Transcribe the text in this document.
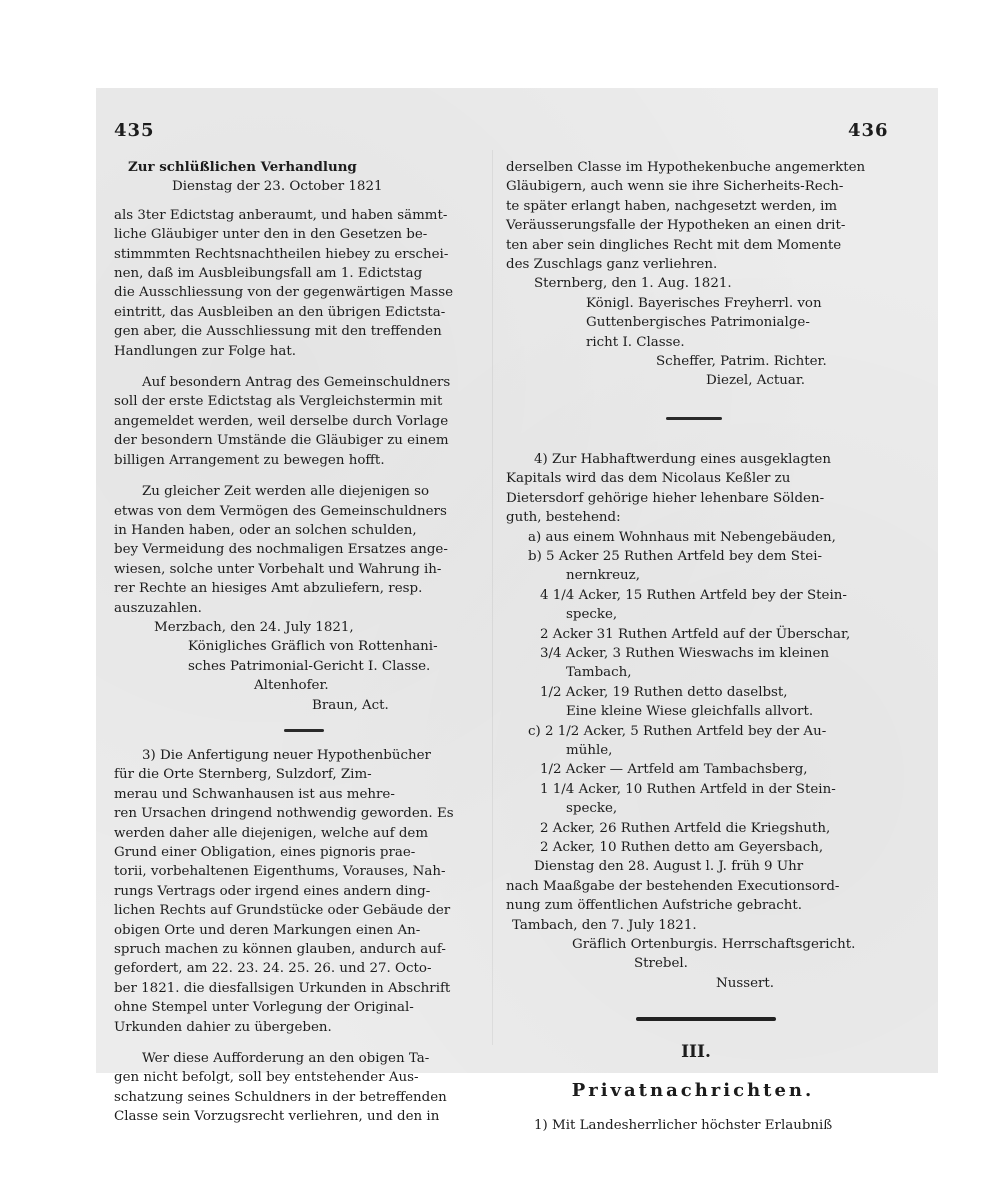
435	436

Zur schlüßlichen Verhandlung

Dienstag der 23. October 1821

als 3ter Edictstag anberaumt, und haben sämmt-

liche Gläubiger unter den in den Gesetzen be-

stimmmten Rechtsnachtheilen hiebey zu erschei-

nen, daß im Ausbleibungsfall am 1. Edictstag

die Ausschliessung von der gegenwärtigen Masse

eintritt, das Ausbleiben an den übrigen Edictsta-

gen aber, die Ausschliessung mit den treffenden

Handlungen zur Folge hat.

Auf besondern Antrag des Gemeinschuldners

soll der erste Edictstag als Vergleichstermin mit

angemeldet werden, weil derselbe durch Vorlage

der besondern Umstände die Gläubiger zu einem

billigen Arrangement zu bewegen hofft.

Zu gleicher Zeit werden alle diejenigen so

etwas von dem Vermögen des Gemeinschuldners

in Handen haben, oder an solchen schulden,

bey Vermeidung des nochmaligen Ersatzes ange-

wiesen, solche unter Vorbehalt und Wahrung ih-

rer Rechte an hiesiges Amt abzuliefern, resp.

auszuzahlen.

Merzbach, den 24. July 1821,

Königliches Gräflich von Rottenhani-

sches Patrimonial-Gericht I. Classe.

Altenhofer.

Braun, Act.

3) Die Anfertigung neuer Hypothenbücher

für die Orte Sternberg, Sulzdorf, Zim-

merau und Schwanhausen ist aus mehre-

ren Ursachen dringend nothwendig geworden. Es

werden daher alle diejenigen, welche auf dem

Grund einer Obligation, eines pignoris prae-

torii, vorbehaltenen Eigenthums, Vorauses, Nah-

rungs Vertrags oder irgend eines andern ding-

lichen Rechts auf Grundstücke oder Gebäude der

obigen Orte und deren Markungen einen An-

spruch machen zu können glauben, andurch auf-

gefordert, am 22. 23. 24. 25. 26. und 27. Octo-

ber 1821. die diesfallsigen Urkunden in Abschrift

ohne Stempel unter Vorlegung der Original-

Urkunden dahier zu übergeben.

Wer diese Aufforderung an den obigen Ta-

gen nicht befolgt, soll bey entstehender Aus-

schatzung seines Schuldners in der betreffenden

Classe sein Vorzugsrecht verliehren, und den in

derselben Classe im Hypothekenbuche angemerkten

Gläubigern, auch wenn sie ihre Sicherheits-Rech-

te später erlangt haben, nachgesetzt werden, im

Veräusserungsfalle der Hypotheken an einen drit-

ten aber sein dingliches Recht mit dem Momente

des Zuschlags ganz verliehren.

Sternberg, den 1. Aug. 1821.

Königl. Bayerisches Freyherrl. von

Guttenbergisches Patrimonialge-

richt I. Classe.

Scheffer, Patrim. Richter.

Diezel, Actuar.

4) Zur Habhaftwerdung eines ausgeklagten

Kapitals wird das dem Nicolaus Keßler zu

Dietersdorf gehörige hieher lehenbare Sölden-

guth, bestehend:

a) aus einem Wohnhaus mit Nebengebäuden,

b) 5 Acker 25 Ruthen Artfeld bey dem Stei-

nernkreuz,

4 1/4 Acker, 15 Ruthen Artfeld bey der Stein-

specke,

2 Acker 31 Ruthen Artfeld auf der Überschar,

3/4 Acker, 3 Ruthen Wieswachs im kleinen

Tambach,

1/2 Acker, 19 Ruthen detto daselbst,

Eine kleine Wiese gleichfalls allvort.

c) 2 1/2 Acker, 5 Ruthen Artfeld bey der Au-

mühle,

1/2 Acker — Artfeld am Tambachsberg,

1 1/4 Acker, 10 Ruthen Artfeld in der Stein-

specke,

2 Acker, 26 Ruthen Artfeld die Kriegshuth,

2 Acker, 10 Ruthen detto am Geyersbach,

Dienstag den 28. August l. J. früh 9 Uhr

nach Maaßgabe der bestehenden Executionsord-

nung zum öffentlichen Aufstriche gebracht.

Tambach, den 7. July 1821.

Gräflich Ortenburgis. Herrschaftsgericht.

Strebel.

Nussert.

III.

Privatnachrichten.

1) Mit Landesherrlicher höchster Erlaubniß
